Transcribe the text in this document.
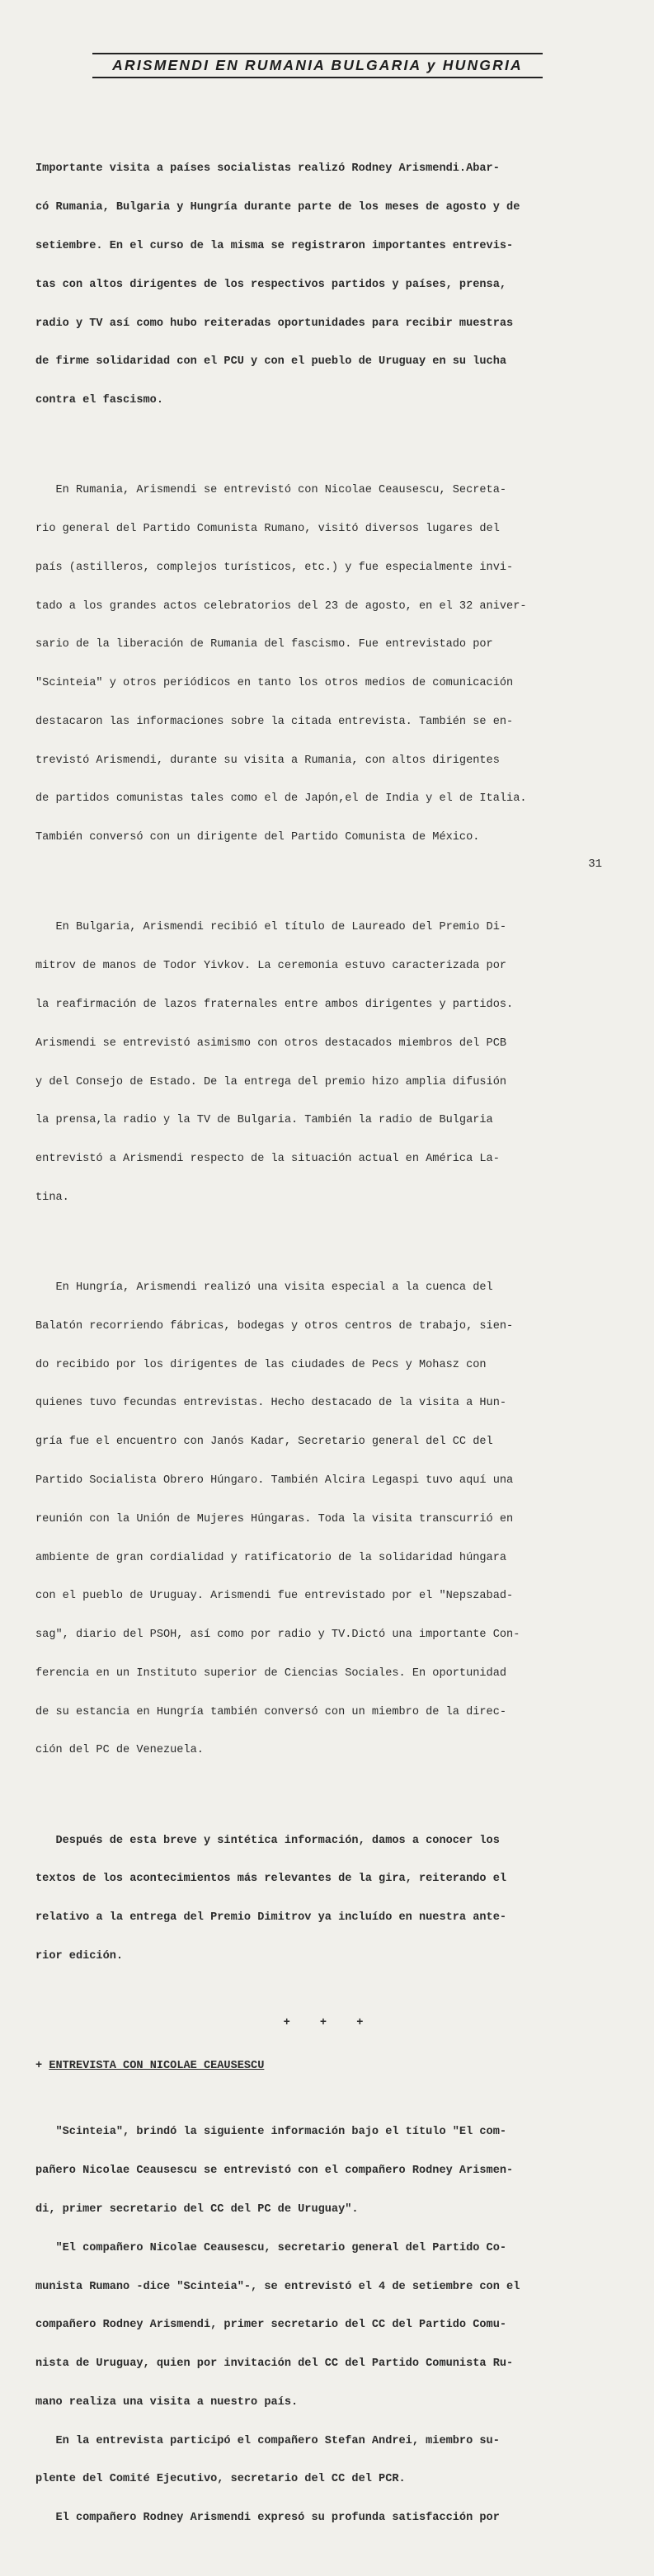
ARISMENDI EN RUMANIA BULGARIA y HUNGRIA

Importante visita a países socialistas realizó Rodney Arismendi.Abar-

có Rumania, Bulgaria y Hungría durante parte de los meses de agosto y de

setiembre. En el curso de la misma se registraron importantes entrevis-

tas con altos dirigentes de los respectivos partidos y países, prensa,

radio y TV así como hubo reiteradas oportunidades para recibir muestras

de firme solidaridad con el PCU y con el pueblo de Uruguay en su lucha

contra el fascismo.

En Rumania, Arismendi se entrevistó con Nicolae Ceausescu, Secreta-

rio general del Partido Comunista Rumano, visitó diversos lugares del

país (astilleros, complejos turísticos, etc.) y fue especialmente invi-

tado a los grandes actos celebratorios del 23 de agosto, en el 32 aniver-

sario de la liberación de Rumania del fascismo. Fue entrevistado por

"Scinteia" y otros periódicos en tanto los otros medios de comunicación

destacaron las informaciones sobre la citada entrevista. También se en-

trevistó Arismendi, durante su visita a Rumania, con altos dirigentes

de partidos comunistas tales como el de Japón,el de India y el de Italia.

También conversó con un dirigente del Partido Comunista de México.

En Bulgaria, Arismendi recibió el título de Laureado del Premio Di-

mitrov de manos de Todor Yivkov. La ceremonia estuvo caracterizada por

la reafirmación de lazos fraternales entre ambos dirigentes y partidos.

Arismendi se entrevistó asimismo con otros destacados miembros del PCB

y del Consejo de Estado. De la entrega del premio hizo amplia difusión

la prensa,la radio y la TV de Bulgaria. También la radio de Bulgaria

entrevistó a Arismendi respecto de la situación actual en América La-

tina.

En Hungría, Arismendi realizó una visita especial a la cuenca del

Balatón recorriendo fábricas, bodegas y otros centros de trabajo, sien-

do recibido por los dirigentes de las ciudades de Pecs y Mohasz con

quienes tuvo fecundas entrevistas. Hecho destacado de la visita a Hun-

gría fue el encuentro con Janós Kadar, Secretario general del CC del

Partido Socialista Obrero Húngaro. También Alcira Legaspi tuvo aquí una

reunión con la Unión de Mujeres Húngaras. Toda la visita transcurrió en

ambiente de gran cordialidad y ratificatorio de la solidaridad húngara

con el pueblo de Uruguay. Arismendi fue entrevistado por el "Nepszabad-

sag", diario del PSOH, así como por radio y TV.Dictó una importante Con-

ferencia en un Instituto superior de Ciencias Sociales. En oportunidad

de su estancia en Hungría también conversó con un miembro de la direc-

ción del PC de Venezuela.

Después de esta breve y sintética información, damos a conocer los

textos de los acontecimientos más relevantes de la gira, reiterando el

relativo a la entrega del Premio Dimitrov ya incluído en nuestra ante-

rior edición.

+ + +

+ ENTREVISTA CON NICOLAE CEAUSESCU

"Scinteia", brindó la siguiente información bajo el título "El com-

pañero Nicolae Ceausescu se entrevistó con el compañero Rodney Arismen-

di, primer secretario del CC del PC de Uruguay".

"El compañero Nicolae Ceausescu, secretario general del Partido Co-

munista Rumano -dice "Scinteia"-, se entrevistó el 4 de setiembre con el

compañero Rodney Arismendi, primer secretario del CC del Partido Comu-

nista de Uruguay, quien por invitación del CC del Partido Comunista Ru-

mano realiza una visita a nuestro país.

En la entrevista participó el compañero Stefan Andrei, miembro su-

plente del Comité Ejecutivo, secretario del CC del PCR.

El compañero Rodney Arismendi expresó su profunda satisfacción por

31
